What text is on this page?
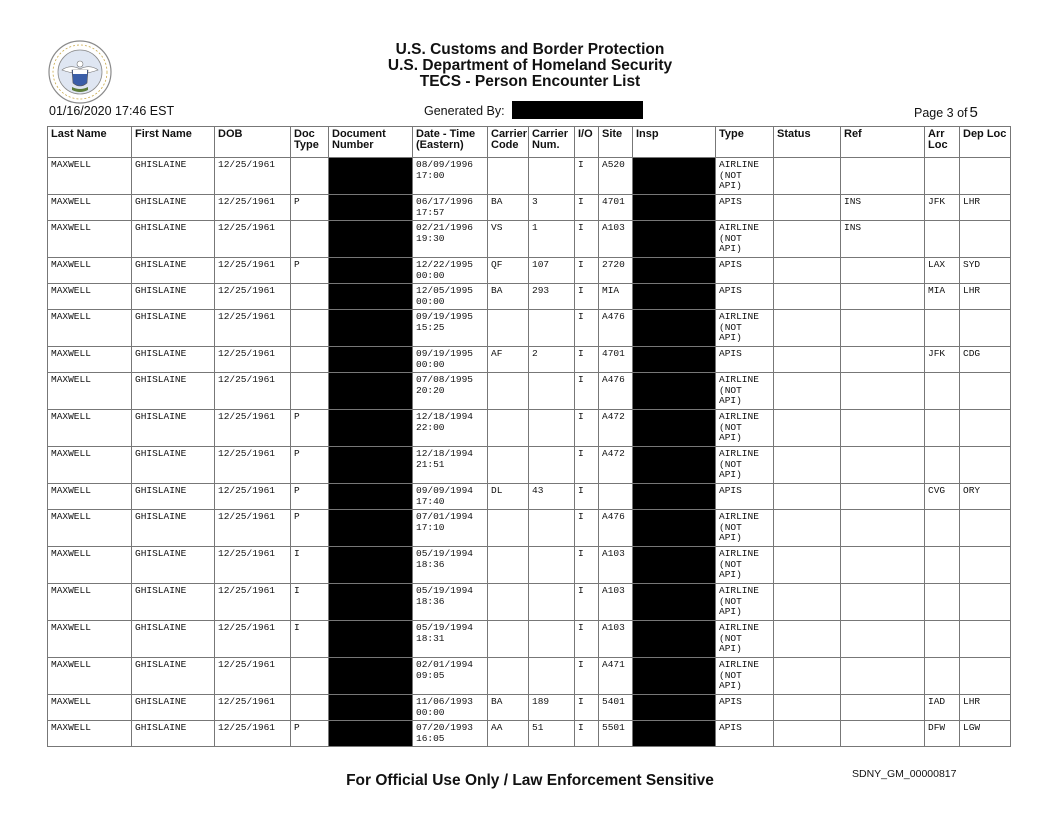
U.S. Customs and Border Protection
U.S. Department of Homeland Security
TECS - Person Encounter List
01/16/2020 17:46 EST	Generated By:	Page 3 of 5
Last Name	First Name	DOB	Doc Type	Document Number	Date - Time (Eastern)	Carrier Code	Carrier Num.	I/O	Site	Insp	Type	Status	Ref	Arr Loc	Dep Loc
MAXWELL	GHISLAINE	12/25/1961			08/09/1996 17:00			I	A520		AIRLINE (NOT API)				
MAXWELL	GHISLAINE	12/25/1961	P		06/17/1996 17:57	BA	3	I	4701		APIS		INS	JFK	LHR
MAXWELL	GHISLAINE	12/25/1961			02/21/1996 19:30	VS	1	I	A103		AIRLINE (NOT API)		INS		
MAXWELL	GHISLAINE	12/25/1961	P		12/22/1995 00:00	QF	107	I	2720		APIS			LAX	SYD
MAXWELL	GHISLAINE	12/25/1961			12/05/1995 00:00	BA	293	I	MIA		APIS			MIA	LHR
MAXWELL	GHISLAINE	12/25/1961			09/19/1995 15:25			I	A476		AIRLINE (NOT API)				
MAXWELL	GHISLAINE	12/25/1961			09/19/1995 00:00	AF	2	I	4701		APIS			JFK	CDG
MAXWELL	GHISLAINE	12/25/1961			07/08/1995 20:20			I	A476		AIRLINE (NOT API)				
MAXWELL	GHISLAINE	12/25/1961	P		12/18/1994 22:00			I	A472		AIRLINE (NOT API)				
MAXWELL	GHISLAINE	12/25/1961	P		12/18/1994 21:51			I	A472		AIRLINE (NOT API)				
MAXWELL	GHISLAINE	12/25/1961	P		09/09/1994 17:40	DL	43	I			APIS			CVG	ORY
MAXWELL	GHISLAINE	12/25/1961	P		07/01/1994 17:10			I	A476		AIRLINE (NOT API)				
MAXWELL	GHISLAINE	12/25/1961	I		05/19/1994 18:36			I	A103		AIRLINE (NOT API)				
MAXWELL	GHISLAINE	12/25/1961	I		05/19/1994 18:36			I	A103		AIRLINE (NOT API)				
MAXWELL	GHISLAINE	12/25/1961	I		05/19/1994 18:31			I	A103		AIRLINE (NOT API)				
MAXWELL	GHISLAINE	12/25/1961			02/01/1994 09:05			I	A471		AIRLINE (NOT API)				
MAXWELL	GHISLAINE	12/25/1961			11/06/1993 00:00	BA	189	I	5401		APIS			IAD	LHR
MAXWELL	GHISLAINE	12/25/1961	P		07/20/1993 16:05	AA	51	I	5501		APIS			DFW	LGW
For Official Use Only / Law Enforcement Sensitive	SDNY_GM_00000817
